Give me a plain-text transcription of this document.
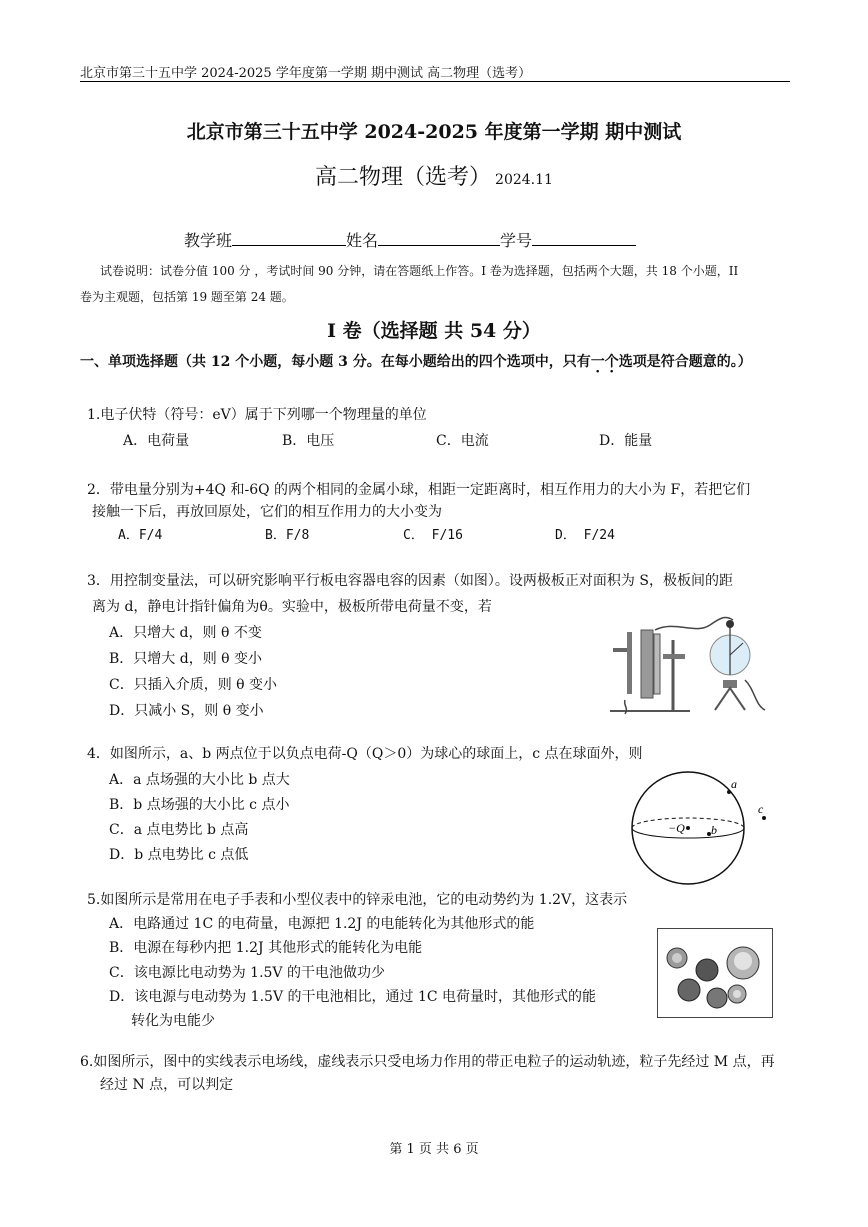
北京市第三十五中学 2024-2025 学年度第一学期 期中测试 高二物理（选考）
北京市第三十五中学 2024-2025 年度第一学期 期中测试
高二物理（选考） 2024.11
教学班	姓名	学号
试卷说明：试卷分值 100 分 ，考试时间 90 分钟，请在答题纸上作答。I 卷为选择题，包括两个大题，共 18 个小题，II
卷为主观题，包括第 19 题至第 24 题。
I 卷（选择题 共 54 分）
一、单项选择题（共 12 个小题，每小题 3 分。在每小题给出的四个选项中，只有一个选项是符合题意的。）
1.电子伏特（符号：eV）属于下列哪一个物理量的单位
A．电荷量	B．电压	C．电流	D．能量
2．带电量分别为+4Q 和-6Q 的两个相同的金属小球，相距一定距离时，相互作用力的大小为 F，若把它们
接触一下后，再放回原处，它们的相互作用力的大小变为
A．F/4	B．F/8	C． F/16	D． F/24
3．用控制变量法，可以研究影响平行板电容器电容的因素（如图）。设两极板正对面积为 S，极板间的距
离为 d，静电计指针偏角为θ。实验中，极板所带电荷量不变，若
A．只增大 d，则 θ 不变
B．只增大 d，则 θ 变小
C．只插入介质，则 θ 变小
D．只减小 S，则 θ 变小
4．如图所示，a、b 两点位于以负点电荷-Q（Q＞0）为球心的球面上，c 点在球面外，则
A．a 点场强的大小比 b 点大
B．b 点场强的大小比 c 点小
C．a 点电势比 b 点高
D．b 点电势比 c 点低
−Q
a
b
c
5.如图所示是常用在电子手表和小型仪表中的锌汞电池，它的电动势约为 1.2V，这表示
A．电路通过 1C 的电荷量，电源把 1.2J 的电能转化为其他形式的能
B．电源在每秒内把 1.2J 其他形式的能转化为电能
C．该电源比电动势为 1.5V 的干电池做功少
D．该电源与电动势为 1.5V 的干电池相比，通过 1C 电荷量时，其他形式的能
转化为电能少
6.如图所示，图中的实线表示电场线，虚线表示只受电场力作用的带正电粒子的运动轨迹，粒子先经过 M 点，再
经过 N 点，可以判定
第 1 页 共 6 页
